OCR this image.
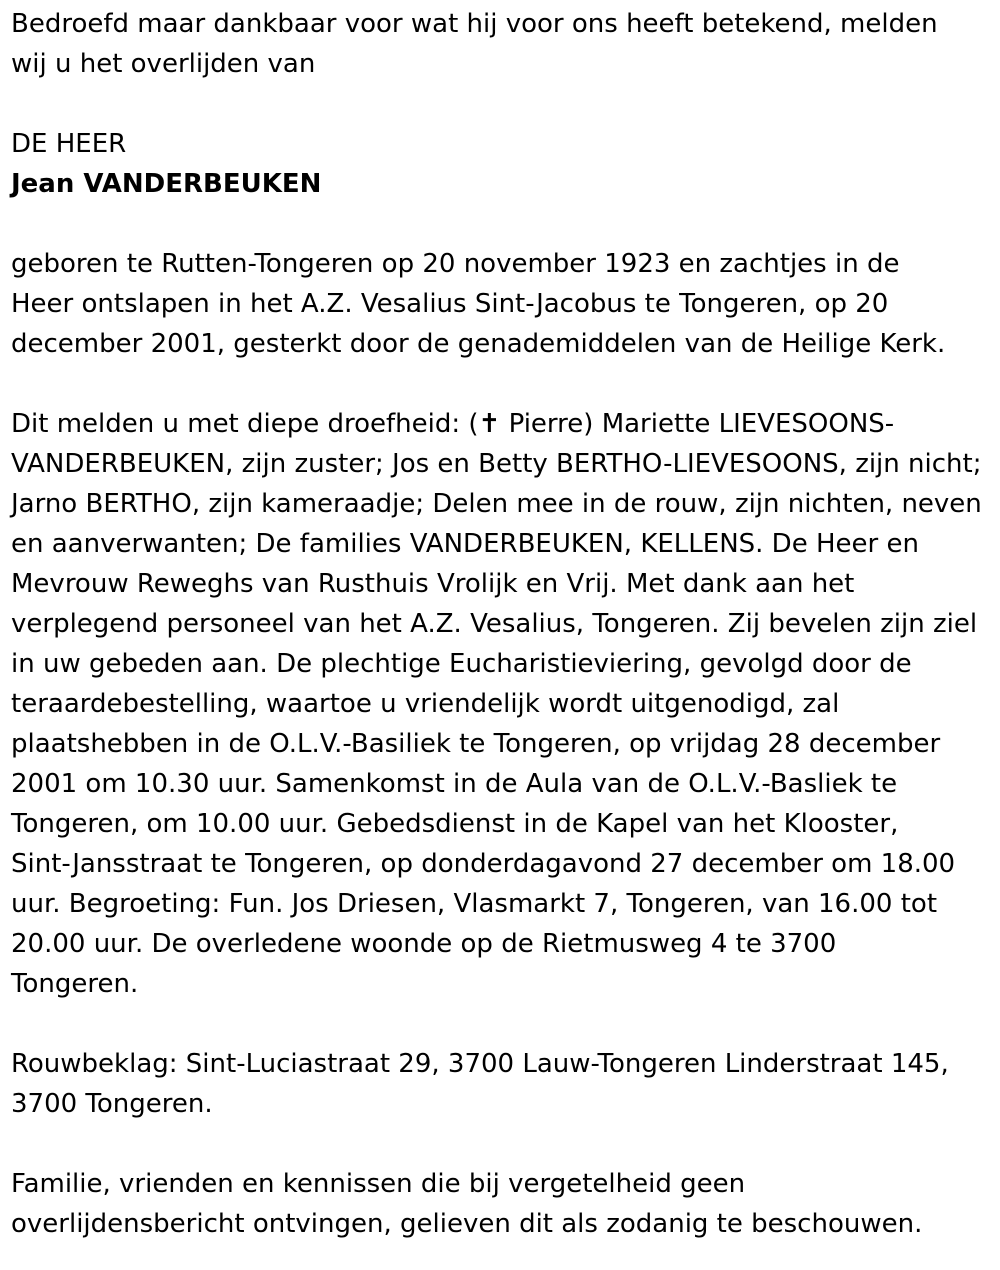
Bedroefd maar dankbaar voor wat hij voor ons heeft betekend, melden
wij u het overlijden van

DE HEER

Jean VANDERBEUKEN

geboren te Rutten-Tongeren op 20 november 1923 en zachtjes in de
Heer ontslapen in het A.Z. Vesalius Sint-Jacobus te Tongeren, op 20
december 2001, gesterkt door de genademiddelen van de Heilige Kerk.

Dit melden u met diepe droefheid: (✝ Pierre) Mariette LIEVESOONS-
VANDERBEUKEN, zijn zuster; Jos en Betty BERTHO-LIEVESOONS, zijn nicht;
Jarno BERTHO, zijn kameraadje; Delen mee in de rouw, zijn nichten, neven
en aanverwanten; De families VANDERBEUKEN, KELLENS. De Heer en
Mevrouw Reweghs van Rusthuis Vrolijk en Vrij. Met dank aan het
verplegend personeel van het A.Z. Vesalius, Tongeren. Zij bevelen zijn ziel
in uw gebeden aan. De plechtige Eucharistieviering, gevolgd door de
teraardebestelling, waartoe u vriendelijk wordt uitgenodigd, zal
plaatshebben in de O.L.V.-Basiliek te Tongeren, op vrijdag 28 december
2001 om 10.30 uur. Samenkomst in de Aula van de O.L.V.-Basliek te
Tongeren, om 10.00 uur. Gebedsdienst in de Kapel van het Klooster,
Sint-Jansstraat te Tongeren, op donderdagavond 27 december om 18.00
uur. Begroeting: Fun. Jos Driesen, Vlasmarkt 7, Tongeren, van 16.00 tot
20.00 uur. De overledene woonde op de Rietmusweg 4 te 3700
Tongeren.

Rouwbeklag: Sint-Luciastraat 29, 3700 Lauw-Tongeren Linderstraat 145,
3700 Tongeren.

Familie, vrienden en kennissen die bij vergetelheid geen
overlijdensbericht ontvingen, gelieven dit als zodanig te beschouwen.
